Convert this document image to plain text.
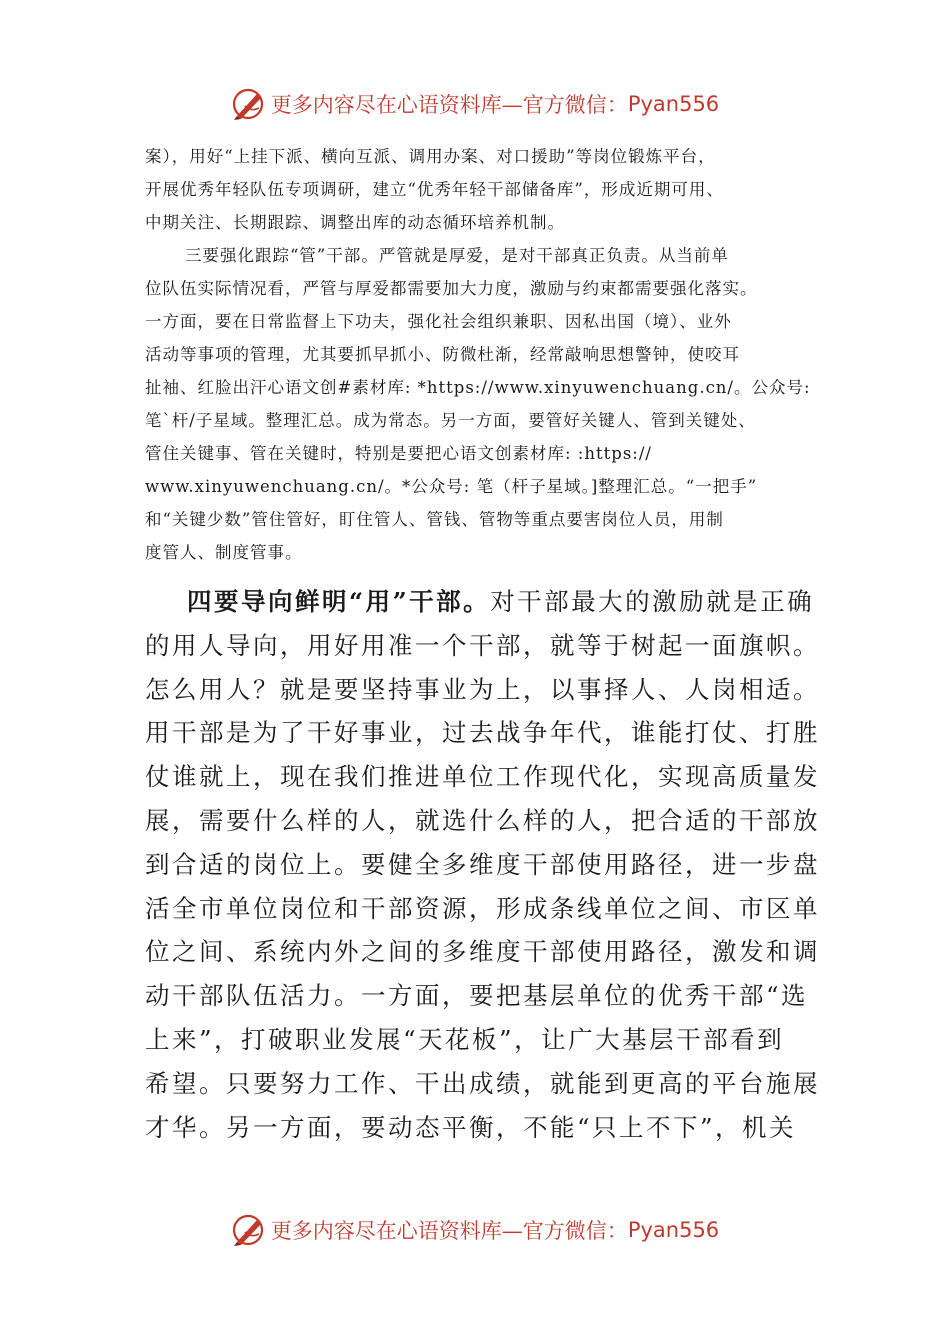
更多内容尽在心语资料库—官方微信： Pyan556
案），用好“上挂下派、横向互派、调用办案、对口援助”等岗位锻炼平台，
开展优秀年轻队伍专项调研，建立“优秀年轻干部储备库”，形成近期可用、
中期关注、长期跟踪、调整出库的动态循环培养机制。
三要强化跟踪“管”干部。严管就是厚爱，是对干部真正负责。从当前单
位队伍实际情况看，严管与厚爱都需要加大力度，激励与约束都需要强化落实。
一方面，要在日常监督上下功夫，强化社会组织兼职、因私出国（境）、业外
活动等事项的管理，尤其要抓早抓小、防微杜渐，经常敲响思想警钟，使咬耳
扯袖、红脸出汗心语文创#素材库: *https://www.xinyuwenchuang.cn/。公众号:
笔`杆/子星域。整理汇总。成为常态。另一方面，要管好关键人、管到关键处、
管住关键事、管在关键时，特别是要把心语文创素材库: :https://
www.xinyuwenchuang.cn/。*公众号: 笔（杆子星域。]整理汇总。“一把手”
和“关键少数”管住管好，盯住管人、管钱、管物等重点要害岗位人员，用制
度管人、制度管事。
四要导向鲜明“用”干部。对干部最大的激励就是正确
的用人导向，用好用准一个干部，就等于树起一面旗帜。
怎么用人？就是要坚持事业为上，以事择人、人岗相适。
用干部是为了干好事业，过去战争年代，谁能打仗、打胜
仗谁就上，现在我们推进单位工作现代化，实现高质量发
展，需要什么样的人，就选什么样的人，把合适的干部放
到合适的岗位上。要健全多维度干部使用路径，进一步盘
活全市单位岗位和干部资源，形成条线单位之间、市区单
位之间、系统内外之间的多维度干部使用路径，激发和调
动干部队伍活力。一方面，要把基层单位的优秀干部“选
上来”，打破职业发展“天花板”，让广大基层干部看到
希望。只要努力工作、干出成绩，就能到更高的平台施展
才华。另一方面，要动态平衡，不能“只上不下”，机关
更多内容尽在心语资料库—官方微信： Pyan556
